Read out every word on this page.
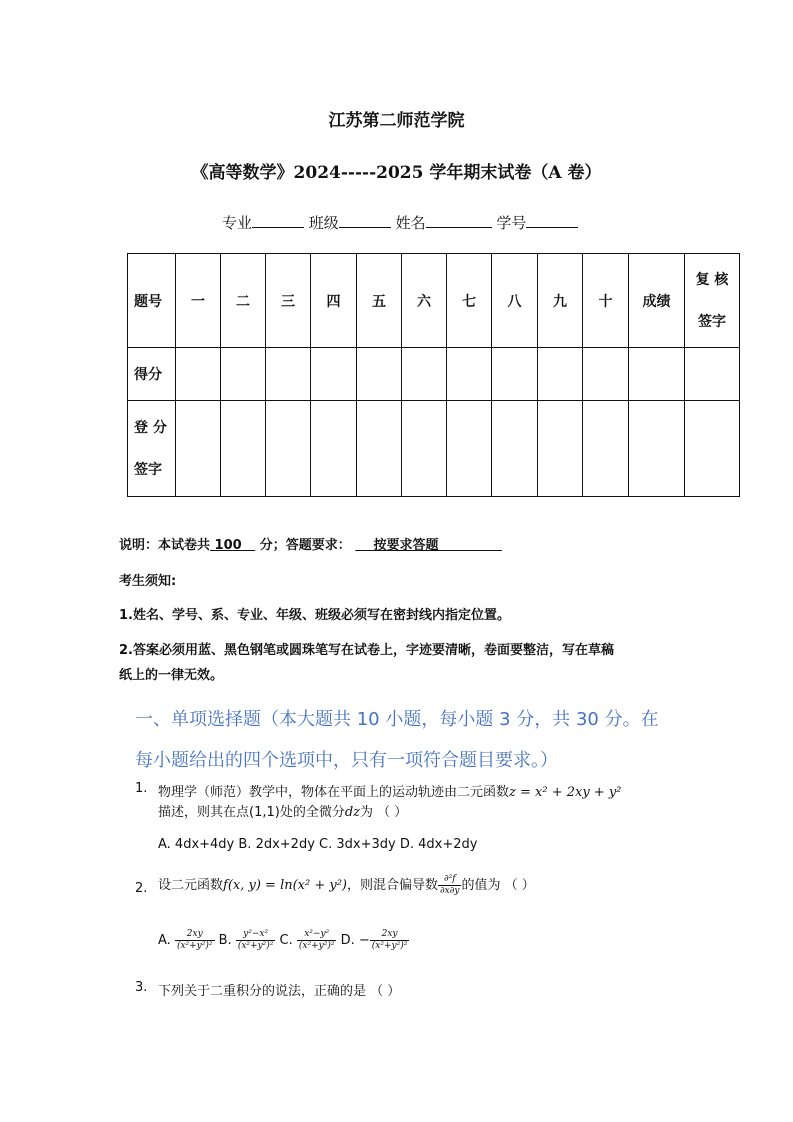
江苏第二师范学院
《高等数学》2024-----2025 学年期末试卷（A 卷）
专业	班级	姓名	学号
题号	一	二	三	四	五	六	七	八	九	十	成绩	复 核
签字

得分												

登 分
签字												

说明：本试卷共 100 分；答题要求： 按要求答题
考生须知:
1.姓名、学号、系、专业、年级、班级必须写在密封线内指定位置。
2.答案必须用蓝、黑色钢笔或圆珠笔写在试卷上，字迹要清晰，卷面要整洁，写在草稿
纸上的一律无效。
一、单项选择题（本大题共 10 小题，每小题 3 分，共 30 分。在
每小题给出的四个选项中，只有一项符合题目要求。）
1. 物理学（师范）教学中，物体在平面上的运动轨迹由二元函数z = x² + 2xy + y²
描述，则其在点(1,1)处的全微分dz为 （ ）
A. 4dx+4dy B. 2dx+2dy C. 3dx+3dy D. 4dx+2dy
2. 设二元函数f(x, y) = ln(x² + y²)，则混合偏导数 $\frac{\text{∂²f}}{\partial x\partial y}$ 的值为 （ ）
A. $\frac{2xy}{\text{(x²+y²)²}} B$. $\frac{\text{y²−x²}}{\text{(x²+y²)²}} C$. $\frac{\text{x²−y²}}{\text{(x²+y²)²}} D$. − $\frac{2xy}{\text{(x²+y²)²}}$
3. 下列关于二重积分的说法，正确的是 （ ）
